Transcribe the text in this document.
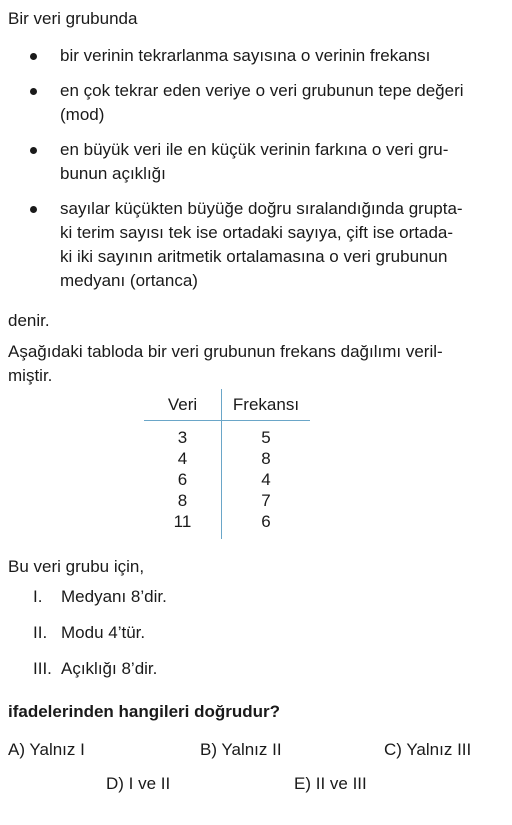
Bir veri grubunda
bir verinin tekrarlanma sayısına o verinin frekansı
en çok tekrar eden veriye o veri grubunun tepe değeri
(mod)
en büyük veri ile en küçük verinin farkına o veri gru-
bunun açıklığı
sayılar küçükten büyüğe doğru sıralandığında grupta-
ki terim sayısı tek ise ortadaki sayıya, çift ise ortada-
ki iki sayının aritmetik ortalamasına o veri grubunun
medyanı (ortanca)
denir.
Aşağıdaki tabloda bir veri grubunun frekans dağılımı veril-
miştir.
Veri	Frekansı
3	5
4	8
6	4
8	7
11	6
Bu veri grubu için,
I. Medyanı 8’dir.
II. Modu 4’tür.
III. Açıklığı 8’dir.
ifadelerinden hangileri doğrudur?
A) Yalnız I	B) Yalnız II	C) Yalnız III
D) I ve II	E) II ve III
